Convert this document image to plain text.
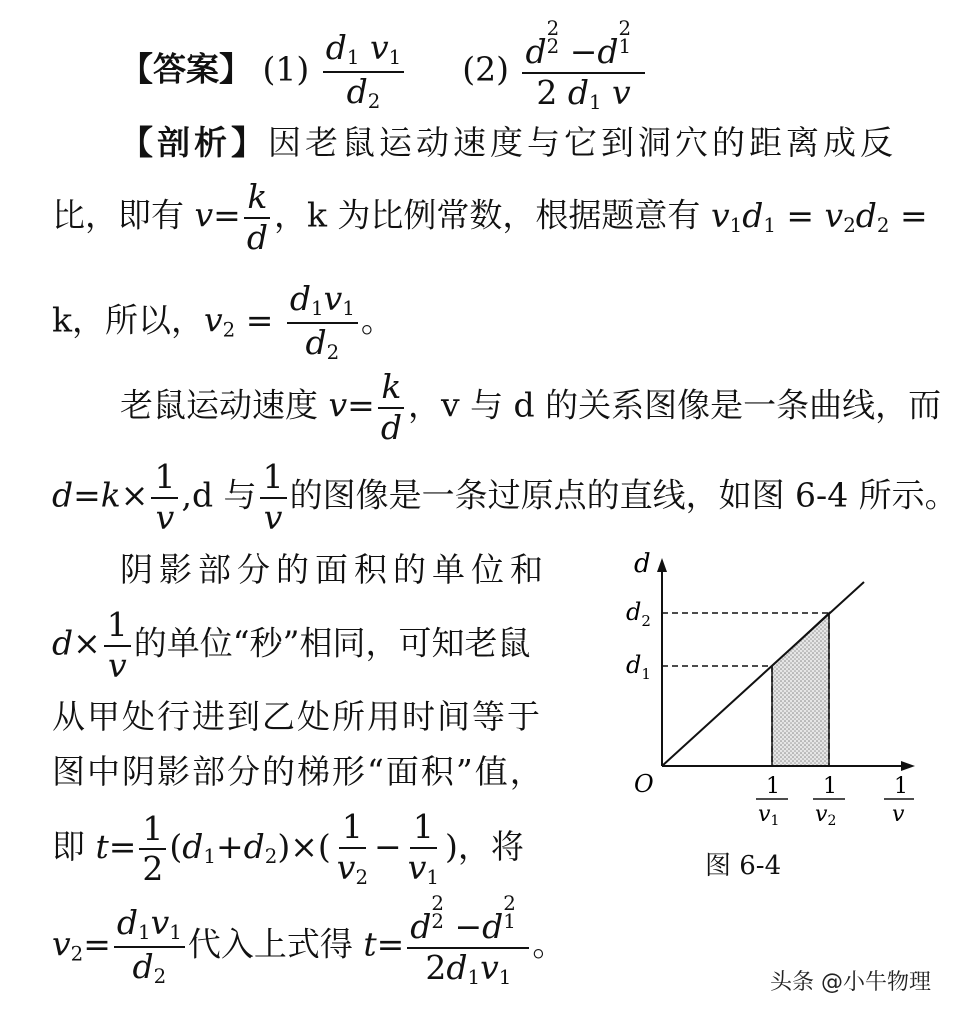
【答案】 $(1) \frac{d_1 v_1}{d_2} (2)$ d
2
2 −d
2
1
2 $d_1$ v
【剖析】因老鼠运动速度与它到洞穴的距离成反
比，即有 $v= \frac{k}{d}$ ，k 为比例常数，根据题意有 $v_1d_1 = v_2d_2$ =
k，所以，$v_2 = \frac{d_1v_1}{d_2}$ 。
老鼠运动速度 $v= \frac{k}{d}$ ，v 与 d 的关系图像是一条曲线，而
$d=k\times \frac{1}{v} ,d$ 与 $\frac{1}{v}$ 的图像是一条过原点的直线，如图 6-4 所示。
阴影部分的面积的单位和
$d\times \frac{1}{v}$ 的单位“秒”相同，可知老鼠
从甲处行进到乙处所用时间等于
图中阴影部分的梯形“面积”值，
即 $t= \frac{1}{2} (d_1+d_2)\times( \frac{1}{v_2} - \frac{1}{v_1}$ )，将
$v_2= \frac{d_1v_1}{d_2}$ 代入上式得 t= d
2
2 −d
2
1
$2d_1v_1$ 。
d
O
$d_2$
$d_1$
1
v1
1
v2
1
v
图 6-4
头条 @小牛物理
